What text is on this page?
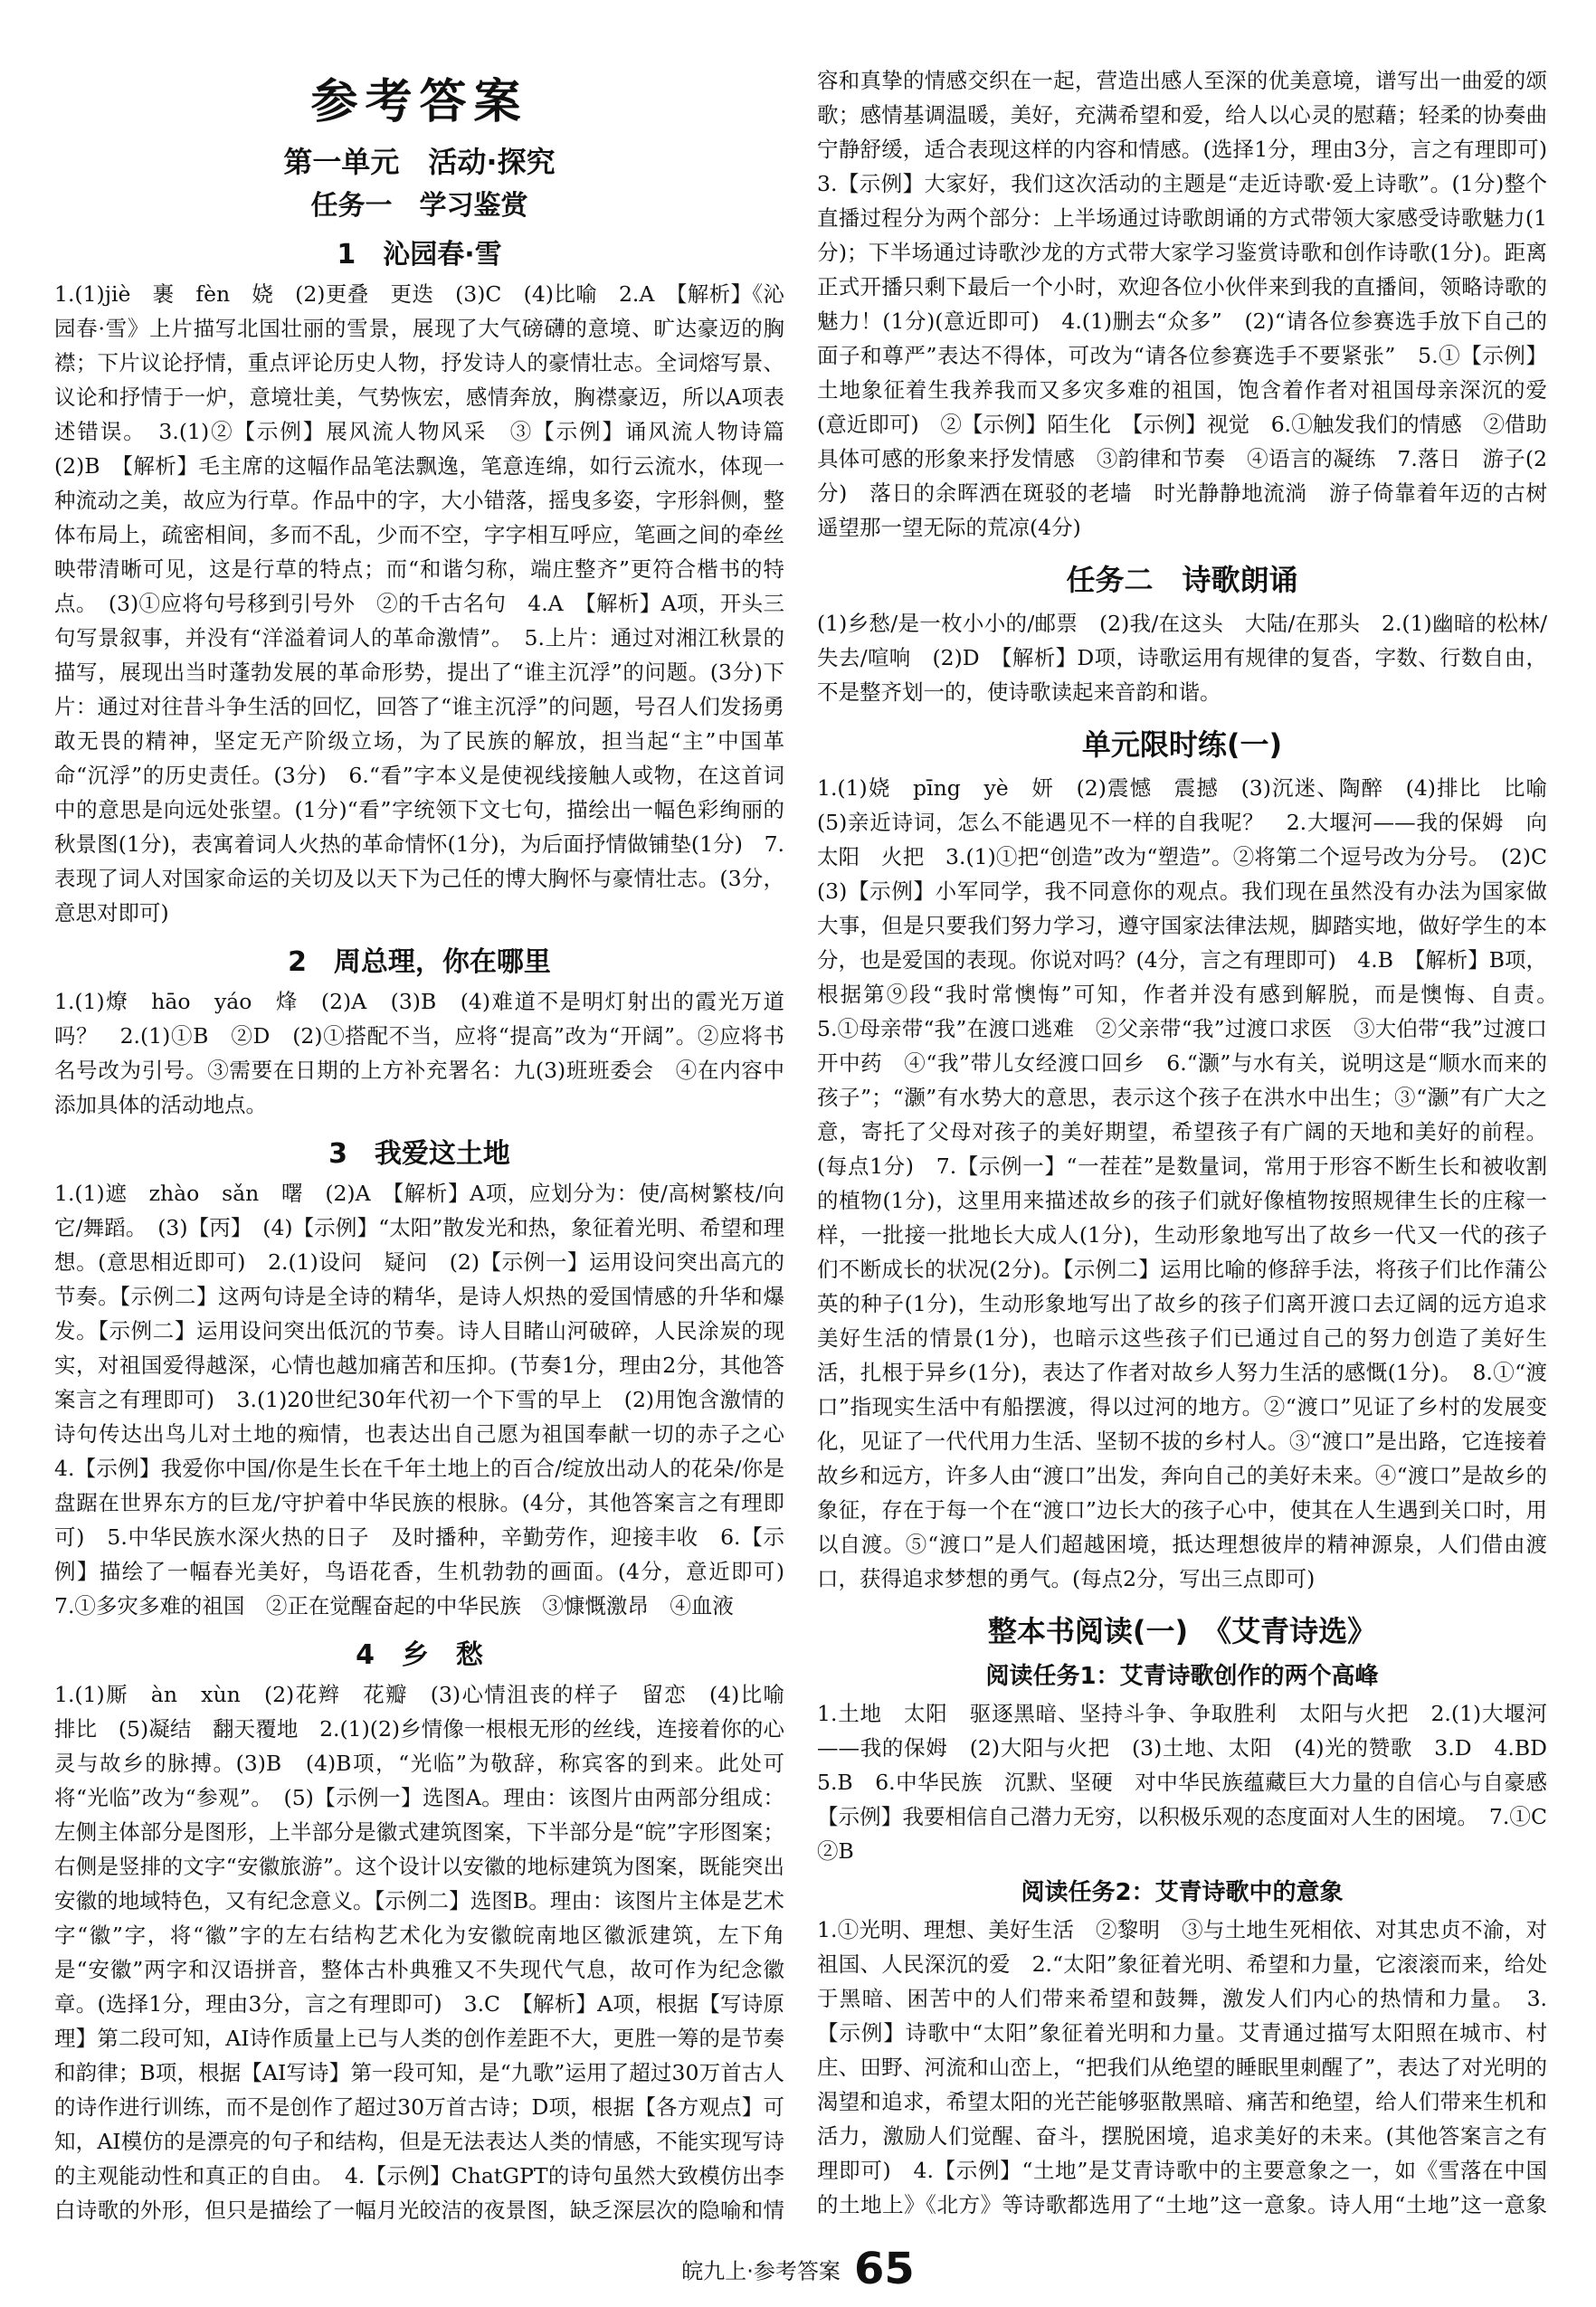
参考答案
第一单元　活动·探究
任务一　学习鉴赏
1　沁园春·雪

1.(1)jiè　裹　fèn　娆　(2)更叠　更迭　(3)C　(4)比喻　2.A　【解析】《沁园春·雪》上片描写北国壮丽的雪景，展现了大气磅礴的意境、旷达豪迈的胸襟；下片议论抒情，重点评论历史人物，抒发诗人的豪情壮志。全词熔写景、议论和抒情于一炉，意境壮美，气势恢宏，感情奔放，胸襟豪迈，所以A项表述错误。　3.(1)②【示例】展风流人物风采　③【示例】诵风流人物诗篇　(2)B　【解析】毛主席的这幅作品笔法飘逸，笔意连绵，如行云流水，体现一种流动之美，故应为行草。作品中的字，大小错落，摇曳多姿，字形斜侧，整体布局上，疏密相间，多而不乱，少而不空，字字相互呼应，笔画之间的牵丝映带清晰可见，这是行草的特点；而“和谐匀称，端庄整齐”更符合楷书的特点。　(3)①应将句号移到引号外　②的千古名句　4.A　【解析】A项，开头三句写景叙事，并没有“洋溢着词人的革命激情”。　5.上片：通过对湘江秋景的描写，展现出当时蓬勃发展的革命形势，提出了“谁主沉浮”的问题。(3分)下片：通过对往昔斗争生活的回忆，回答了“谁主沉浮”的问题，号召人们发扬勇敢无畏的精神，坚定无产阶级立场，为了民族的解放，担当起“主”中国革命“沉浮”的历史责任。(3分)　6.“看”字本义是使视线接触人或物，在这首词中的意思是向远处张望。(1分)“看”字统领下文七句，描绘出一幅色彩绚丽的秋景图(1分)，表寓着词人火热的革命情怀(1分)，为后面抒情做铺垫(1分)　7.表现了词人对国家命运的关切及以天下为己任的博大胸怀与豪情壮志。(3分，意思对即可)

2　周总理，你在哪里

1.(1)燎　hāo　yáo　烽　(2)A　(3)B　(4)难道不是明灯射出的霞光万道吗？　2.(1)①B　②D　(2)①搭配不当，应将“提高”改为“开阔”。②应将书名号改为引号。③需要在日期的上方补充署名：九(3)班班委会　④在内容中添加具体的活动地点。

3　我爱这土地

1.(1)遮　zhào　sǎn　曙　(2)A　【解析】A项，应划分为：使/高树繁枝/向它/舞蹈。　(3)【丙】　(4)【示例】“太阳”散发光和热，象征着光明、希望和理想。(意思相近即可)　2.(1)设问　疑问　(2)【示例一】运用设问突出高亢的节奏。【示例二】这两句诗是全诗的精华，是诗人炽热的爱国情感的升华和爆发。【示例二】运用设问突出低沉的节奏。诗人目睹山河破碎，人民涂炭的现实，对祖国爱得越深，心情也越加痛苦和压抑。(节奏1分，理由2分，其他答案言之有理即可)　3.(1)20世纪30年代初一个下雪的早上　(2)用饱含激情的诗句传达出鸟儿对土地的痴情，也表达出自己愿为祖国奉献一切的赤子之心　4.【示例】我爱你中国/你是生长在千年土地上的百合/绽放出动人的花朵/你是盘踞在世界东方的巨龙/守护着中华民族的根脉。(4分，其他答案言之有理即可)　5.中华民族水深火热的日子　及时播种，辛勤劳作，迎接丰收　6.【示例】描绘了一幅春光美好，鸟语花香，生机勃勃的画面。(4分，意近即可)　7.①多灾多难的祖国　②正在觉醒奋起的中华民族　③慷慨激昂　④血液

4　乡　愁

1.(1)厮　àn　xùn　(2)花辫　花瓣　(3)心情沮丧的样子　留恋　(4)比喻　排比　(5)凝结　翻天覆地　2.(1)(2)乡情像一根根无形的丝线，连接着你的心灵与故乡的脉搏。(3)B　(4)B项，“光临”为敬辞，称宾客的到来。此处可将“光临”改为“参观”。　(5)【示例一】选图A。理由：该图片由两部分组成：左侧主体部分是图形，上半部分是徽式建筑图案，下半部分是“皖”字形图案；右侧是竖排的文字“安徽旅游”。这个设计以安徽的地标建筑为图案，既能突出安徽的地域特色，又有纪念意义。【示例二】选图B。理由：该图片主体是艺术字“徽”字，将“徽”字的左右结构艺术化为安徽皖南地区徽派建筑，左下角是“安徽”两字和汉语拼音，整体古朴典雅又不失现代气息，故可作为纪念徽章。(选择1分，理由3分，言之有理即可)　3.C　【解析】A项，根据【写诗原理】第二段可知，AI诗作质量上已与人类的创作差距不大，更胜一筹的是节奏和韵律；B项，根据【AI写诗】第一段可知，是“九歌”运用了超过30万首古人的诗作进行训练，而不是创作了超过30万首古诗；D项，根据【各方观点】可知，AI模仿的是漂亮的句子和结构，但是无法表达人类的情感，不能实现写诗的主观能动性和真正的自由。　4.【示例】ChatGPT的诗句虽然大致模仿出李白诗歌的外形，但只是描绘了一幅月光皎洁的夜景图，缺乏深层次的隐喻和情　

容和真挚的情感交织在一起，营造出感人至深的优美意境，谱写出一曲爱的颂歌；感情基调温暖，美好，充满希望和爱，给人以心灵的慰藉；轻柔的协奏曲宁静舒缓，适合表现这样的内容和情感。(选择1分，理由3分，言之有理即可)　3.【示例】大家好，我们这次活动的主题是“走近诗歌·爱上诗歌”。(1分)整个直播过程分为两个部分：上半场通过诗歌朗诵的方式带领大家感受诗歌魅力(1分)；下半场通过诗歌沙龙的方式带大家学习鉴赏诗歌和创作诗歌(1分)。距离正式开播只剩下最后一个小时，欢迎各位小伙伴来到我的直播间，领略诗歌的魅力！(1分)(意近即可)　4.(1)删去“众多”　(2)“请各位参赛选手放下自己的面子和尊严”表达不得体，可改为“请各位参赛选手不要紧张”　5.①【示例】土地象征着生我养我而又多灾多难的祖国，饱含着作者对祖国母亲深沉的爱(意近即可)　②【示例】陌生化　【示例】视觉　6.①触发我们的情感　②借助具体可感的形象来抒发情感　③韵律和节奏　④语言的凝练　7.落日　游子(2分)　落日的余晖洒在斑驳的老墙　时光静静地流淌　游子倚靠着年迈的古树遥望那一望无际的荒凉(4分)

任务二　诗歌朗诵

(1)乡愁/是一枚小小的/邮票　(2)我/在这头　大陆/在那头　2.(1)幽暗的松林/失去/喧响　(2)D　【解析】D项，诗歌运用有规律的复沓，字数、行数自由，不是整齐划一的，使诗歌读起来音韵和谐。

单元限时练(一)

1.(1)娆　pīng　yè　妍　(2)震憾　震撼　(3)沉迷、陶醉　(4)排比　比喻　(5)亲近诗词，怎么不能遇见不一样的自我呢？　2.大堰河——我的保姆　向太阳　火把　3.(1)①把“创造”改为“塑造”。②将第二个逗号改为分号。　(2)C　(3)【示例】小军同学，我不同意你的观点。我们现在虽然没有办法为国家做大事，但是只要我们努力学习，遵守国家法律法规，脚踏实地，做好学生的本分，也是爱国的表现。你说对吗？(4分，言之有理即可)　4.B　【解析】B项，根据第⑨段“我时常懊悔”可知，作者并没有感到解脱，而是懊悔、自责。　5.①母亲带“我”在渡口逃难　②父亲带“我”过渡口求医　③大伯带“我”过渡口开中药　④“我”带儿女经渡口回乡　6.“灏”与水有关，说明这是“顺水而来的孩子”；“灏”有水势大的意思，表示这个孩子在洪水中出生；③“灏”有广大之意，寄托了父母对孩子的美好期望，希望孩子有广阔的天地和美好的前程。(每点1分)　7.【示例一】“一茬茬”是数量词，常用于形容不断生长和被收割的植物(1分)，这里用来描述故乡的孩子们就好像植物按照规律生长的庄稼一样，一批接一批地长大成人(1分)，生动形象地写出了故乡一代又一代的孩子们不断成长的状况(2分)。【示例二】运用比喻的修辞手法，将孩子们比作蒲公英的种子(1分)，生动形象地写出了故乡的孩子们离开渡口去辽阔的远方追求美好生活的情景(1分)，也暗示这些孩子们已通过自己的努力创造了美好生活，扎根于异乡(1分)，表达了作者对故乡人努力生活的感慨(1分)。　8.①“渡口”指现实生活中有船摆渡，得以过河的地方。②“渡口”见证了乡村的发展变化，见证了一代代用力生活、坚韧不拔的乡村人。③“渡口”是出路，它连接着故乡和远方，许多人由“渡口”出发，奔向自己的美好未来。④“渡口”是故乡的象征，存在于每一个在“渡口”边长大的孩子心中，使其在人生遇到关口时，用以自渡。⑤“渡口”是人们超越困境，抵达理想彼岸的精神源泉，人们借由渡口，获得追求梦想的勇气。(每点2分，写出三点即可)

整本书阅读(一)　《艾青诗选》
阅读任务1：艾青诗歌创作的两个高峰

1.土地　太阳　驱逐黑暗、坚持斗争、争取胜利　太阳与火把　2.(1)大堰河——我的保姆　(2)大阳与火把　(3)土地、太阳　(4)光的赞歌　3.D　4.BD　5.B　6.中华民族　沉默、坚硬　对中华民族蕴藏巨大力量的自信心与自豪感　【示例】我要相信自己潜力无穷，以积极乐观的态度面对人生的困境。　7.①C　②B

阅读任务2：艾青诗歌中的意象

1.①光明、理想、美好生活　②黎明　③与土地生死相依、对其忠贞不渝，对祖国、人民深沉的爱　2.“太阳”象征着光明、希望和力量，它滚滚而来，给处于黑暗、困苦中的人们带来希望和鼓舞，激发人们内心的热情和力量。　3.【示例】诗歌中“太阳”象征着光明和力量。艾青通过描写太阳照在城市、村庄、田野、河流和山峦上，“把我们从绝望的睡眠里刺醒了”，表达了对光明的渴望和追求，希望太阳的光芒能够驱散黑暗、痛苦和绝望，给人们带来生机和活力，激励人们觉醒、奋斗，摆脱困境，追求美好的未来。(其他答案言之有理即可)　4.【示例】“土地”是艾青诗歌中的主要意象之一，如《雪落在中国的土地上》《北方》等诗歌都选用了“土地”这一意象。诗人用“土地”这一意象　　

皖九上·参考答案 65
